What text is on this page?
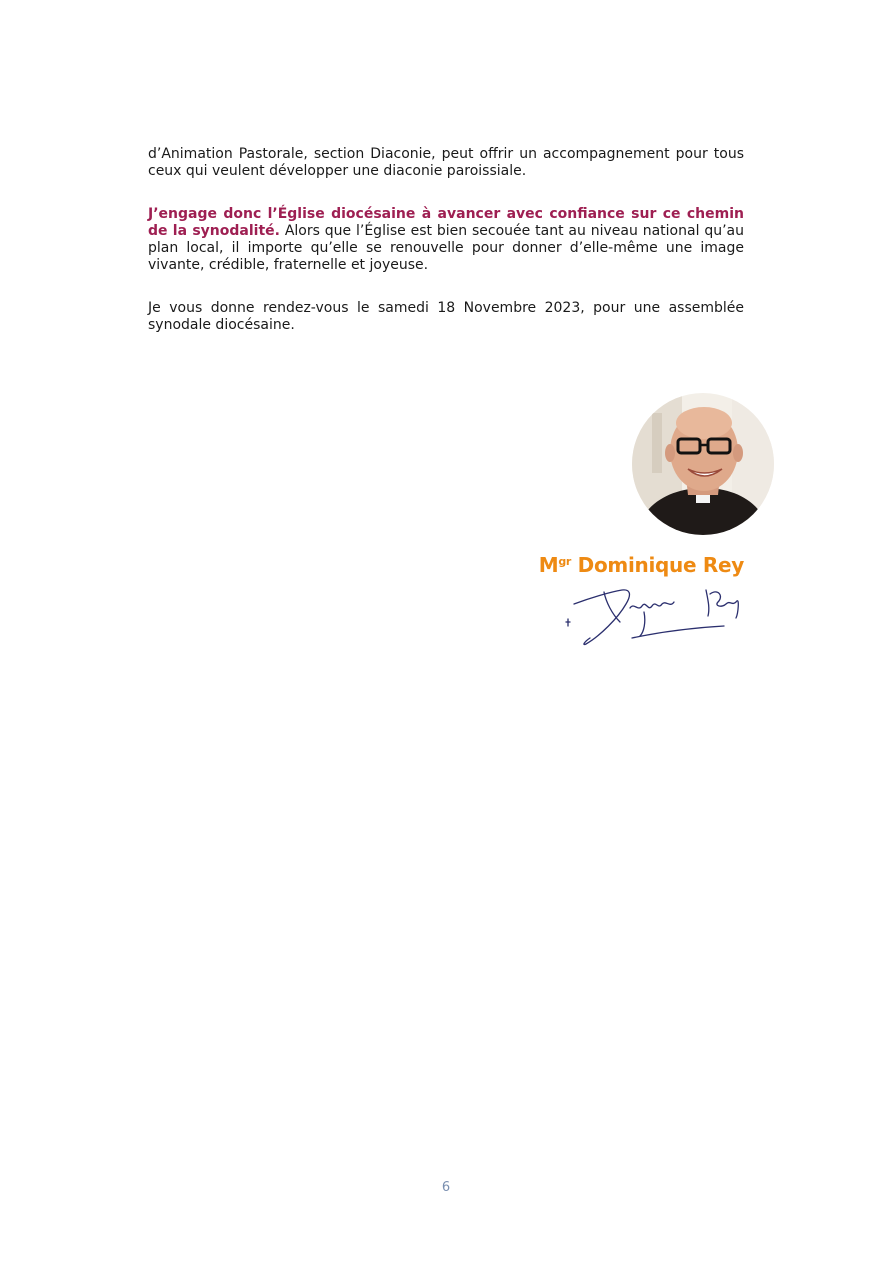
d’Animation Pastorale, section Diaconie, peut offrir un accompagnement pour tous ceux qui veulent développer une diaconie paroissiale.

J’engage donc l’Église diocésaine à avancer avec confiance sur ce chemin de la synodalité. Alors que l’Église est bien secouée tant au niveau national qu’au plan local, il importe qu’elle se renouvelle pour donner d’elle-même une image vivante, crédible, fraternelle et joyeuse.

Je vous donne rendez-vous le samedi 18 Novembre 2023, pour une assemblée synodale diocésaine.

$M^{gr}$ Dominique Rey
6
